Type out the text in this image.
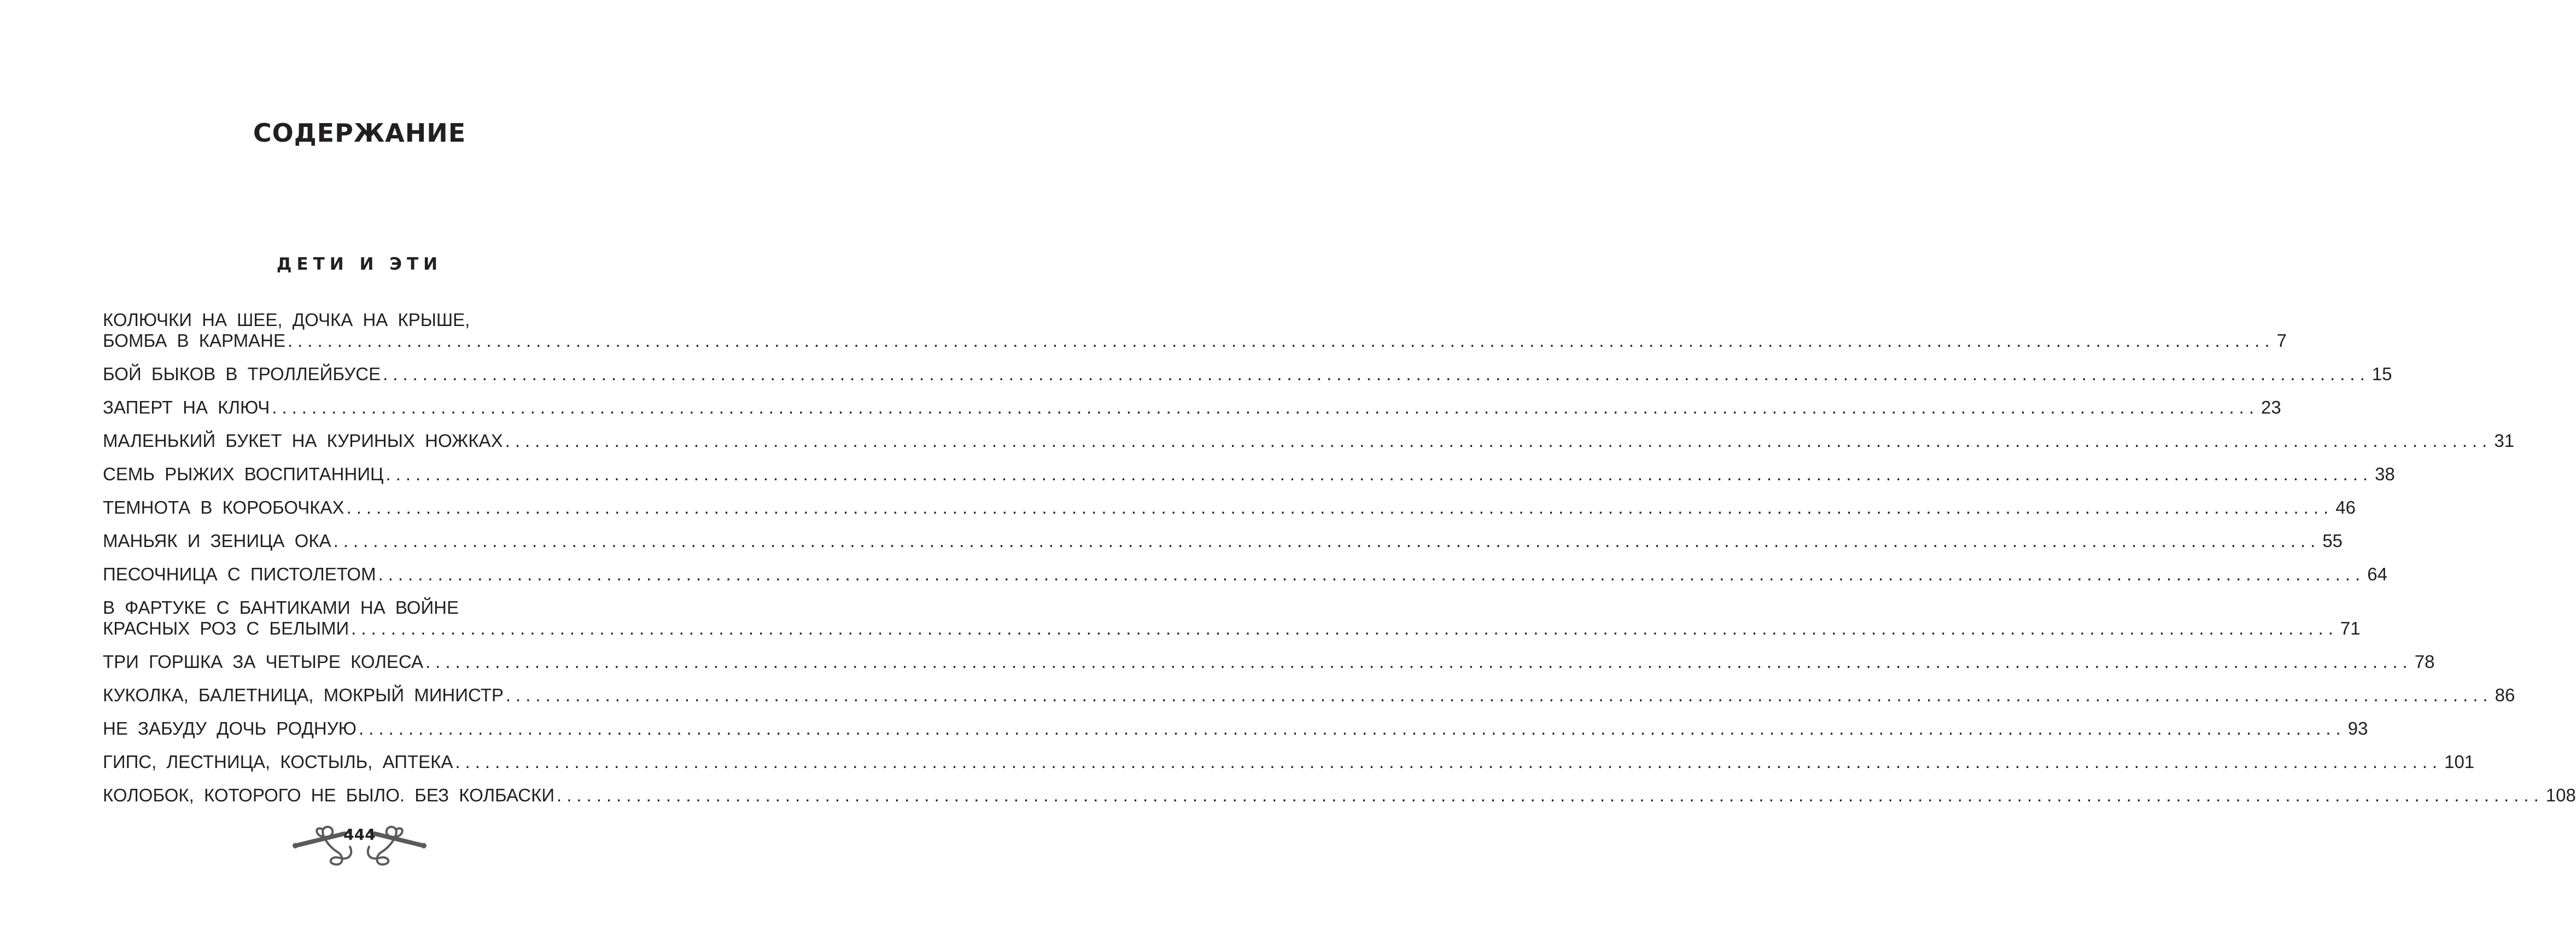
СОДЕРЖАНИЕ
ДЕТИ И ЭТИ
КОЛЮЧКИ НА ШЕЕ, ДОЧКА НА КРЫШЕ,
БОМБА В КАРМАНЕ ........................................................................................................................................................................................................ 7
БОЙ БЫКОВ В ТРОЛЛЕЙБУСЕ ........................................................................................................................................................................................................ 15
ЗАПЕРТ НА КЛЮЧ ........................................................................................................................................................................................................ 23
МАЛЕНЬКИЙ БУКЕТ НА КУРИНЫХ НОЖКАХ ........................................................................................................................................................................................................ 31
СЕМЬ РЫЖИХ ВОСПИТАННИЦ ........................................................................................................................................................................................................ 38
ТЕМНОТА В КОРОБОЧКАХ ........................................................................................................................................................................................................ 46
МАНЬЯК И ЗЕНИЦА ОКА ........................................................................................................................................................................................................ 55
ПЕСОЧНИЦА С ПИСТОЛЕТОМ ........................................................................................................................................................................................................ 64
В ФАРТУКЕ С БАНТИКАМИ НА ВОЙНЕ
КРАСНЫХ РОЗ С БЕЛЫМИ ........................................................................................................................................................................................................ 71
ТРИ ГОРШКА ЗА ЧЕТЫРЕ КОЛЕСА ........................................................................................................................................................................................................ 78
КУКОЛКА, БАЛЕТНИЦА, МОКРЫЙ МИНИСТР ........................................................................................................................................................................................................ 86
НЕ ЗАБУДУ ДОЧЬ РОДНУЮ ........................................................................................................................................................................................................ 93
ГИПС, ЛЕСТНИЦА, КОСТЫЛЬ, АПТЕКА ........................................................................................................................................................................................................ 101
КОЛОБОК, КОТОРОГО НЕ БЫЛО. БЕЗ КОЛБАСКИ ........................................................................................................................................................................................................ 108
444
